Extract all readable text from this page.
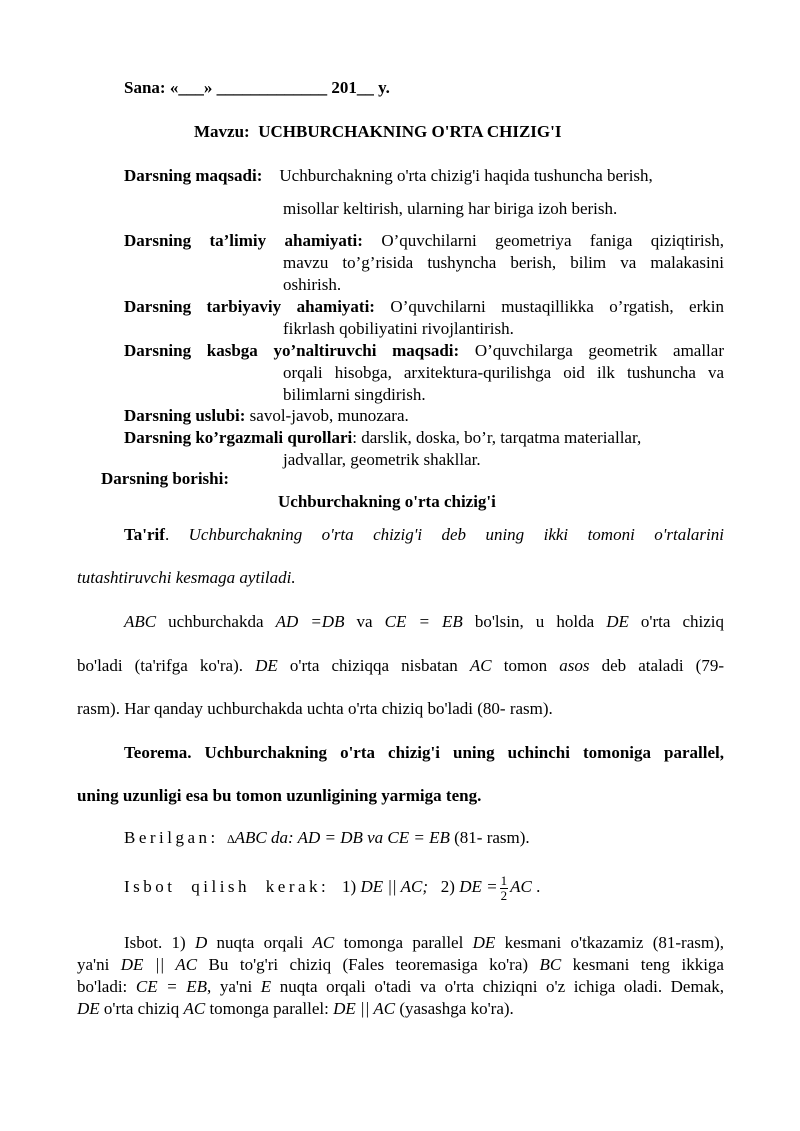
Sana: «___» _____________ 201__ y.
Mavzu: UCHBURCHAKNING O'RTA CHIZIG'I
Darsning maqsadi: Uchburchakning o'rta chizig'i haqida tushuncha berish,
misollar keltirish, ularning har biriga izoh berish.
Darsning ta’limiy ahamiyati: O’quvchilarni geometriya faniga qiziqtirish,
mavzu to’g’risida tushyncha berish, bilim va malakasini
oshirish.
Darsning tarbiyaviy ahamiyati: O’quvchilarni mustaqillikka o’rgatish, erkin
fikrlash qobiliyatini rivojlantirish.
Darsning kasbga yo’naltiruvchi maqsadi: O’quvchilarga geometrik amallar
orqali hisobga, arxitektura-qurilishga oid ilk tushuncha va
bilimlarni singdirish.
Darsning uslubi: savol-javob, munozara.
Darsning ko’rgazmali qurollari: darslik, doska, bo’r, tarqatma materiallar,
jadvallar, geometrik shakllar.
Darsning borishi:
Uchburchakning o'rta chizig'i
Ta'rif. Uchburchakning o'rta chizig'i deb uning ikki tomoni o'rtalarini
tutashtiruvchi kesmaga aytiladi.
ABC uchburchakda AD =DB va CE = EB bo'lsin, u holda DE o'rta chiziq
bo'ladi (ta'rifga ko'ra). DE o'rta chiziqqa nisbatan AC tomon asos deb ataladi (79-
rasm). Har qanday uchburchakda uchta o'rta chiziq bo'ladi (80- rasm).
Teorema. Uchburchakning o'rta chizig'i uning uchinchi tomoniga parallel,
uning uzunligi esa bu tomon uzunligining yarmiga teng.
Berilgan: ∆ABC da: AD = DB va CE = EB (81- rasm).
Isbot qilish kerak: 1) DE || AC;   2) DE = $\frac{1}{2}$ AC .
Isbot. 1) D nuqta orqali AC tomonga parallel DE kesmani o'tkazamiz (81-rasm),
ya'ni DE || AC Bu to'g'ri chiziq (Fales teoremasiga ko'ra) BC kesmani teng ikkiga
bo'ladi: CE = EB, ya'ni E nuqta orqali o'tadi va o'rta chiziqni o'z ichiga oladi. Demak,
DE o'rta chiziq AC tomonga parallel: DE || AC (yasashga ko'ra).
